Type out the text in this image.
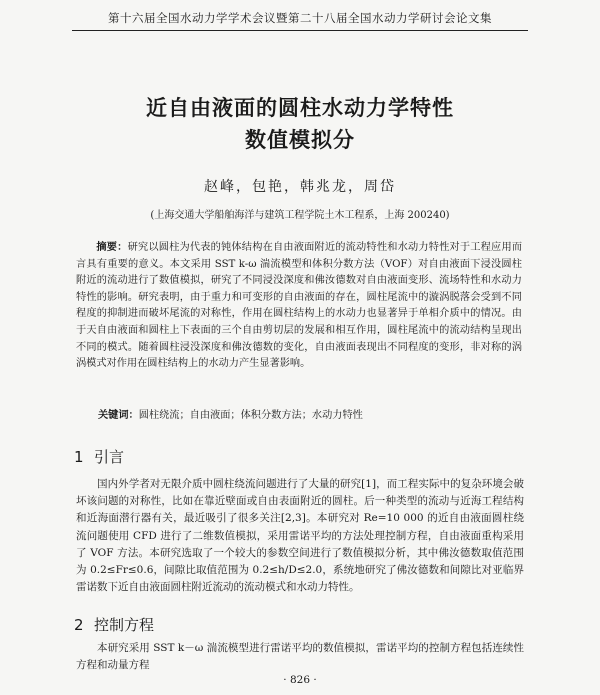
第十六届全国水动力学学术会议暨第二十八届全国水动力学研讨会论文集
近自由液面的圆柱水动力学特性
数值模拟分
赵峰，包艳，韩兆龙，周岱
(上海交通大学船舶海洋与建筑工程学院土木工程系，上海 200240)

摘要：研究以圆柱为代表的钝体结构在自由液面附近的流动特性和水动力特性对于工程应用而言具有重要的意义。本文采用 SST k-ω 湍流模型和体积分数方法（VOF）对自由液面下浸没圆柱附近的流动进行了数值模拟，研究了不同浸没深度和佛汝德数对自由液面变形、流场特性和水动力特性的影响。研究表明，由于重力和可变形的自由液面的存在，圆柱尾流中的漩涡脱落会受到不同程度的抑制进而破坏尾流的对称性，作用在圆柱结构上的水动力也显著异于单相介质中的情况。由于天自由液面和圆柱上下表面的三个自由剪切层的发展和相互作用，圆柱尾流中的流动结构呈现出不同的模式。随着圆柱浸没深度和佛汝德数的变化，自由液面表现出不同程度的变形，非对称的涡涡模式对作用在圆柱结构上的水动力产生显著影响。

关键词：圆柱绕流；自由液面；体积分数方法；水动力特性

1 引言

国内外学者对无限介质中圆柱绕流问题进行了大量的研究[1]，而工程实际中的复杂环境会破坏该问题的对称性，比如在靠近壁面或自由表面附近的圆柱。后一种类型的流动与近海工程结构和近海面潜行器有关，最近吸引了很多关注[2,3]。本研究对 Re=10 000 的近自由液面圆柱绕流问题使用 CFD 进行了二维数值模拟，采用雷诺平均的方法处理控制方程，自由液面重构采用了 VOF 方法。本研究选取了一个较大的参数空间进行了数值模拟分析，其中佛汝德数取值范围为 0.2≤Fr≤0.6，间隙比取值范围为 0.2≤h/D≤2.0，系统地研究了佛汝德数和间隙比对亚临界雷诺数下近自由液面圆柱附近流动的流动模式和水动力特性。

2 控制方程

本研究采用 SST k－ω 湍流模型进行雷诺平均的数值模拟，雷诺平均的控制方程包括连续性方程和动量方程

· 826 ·
